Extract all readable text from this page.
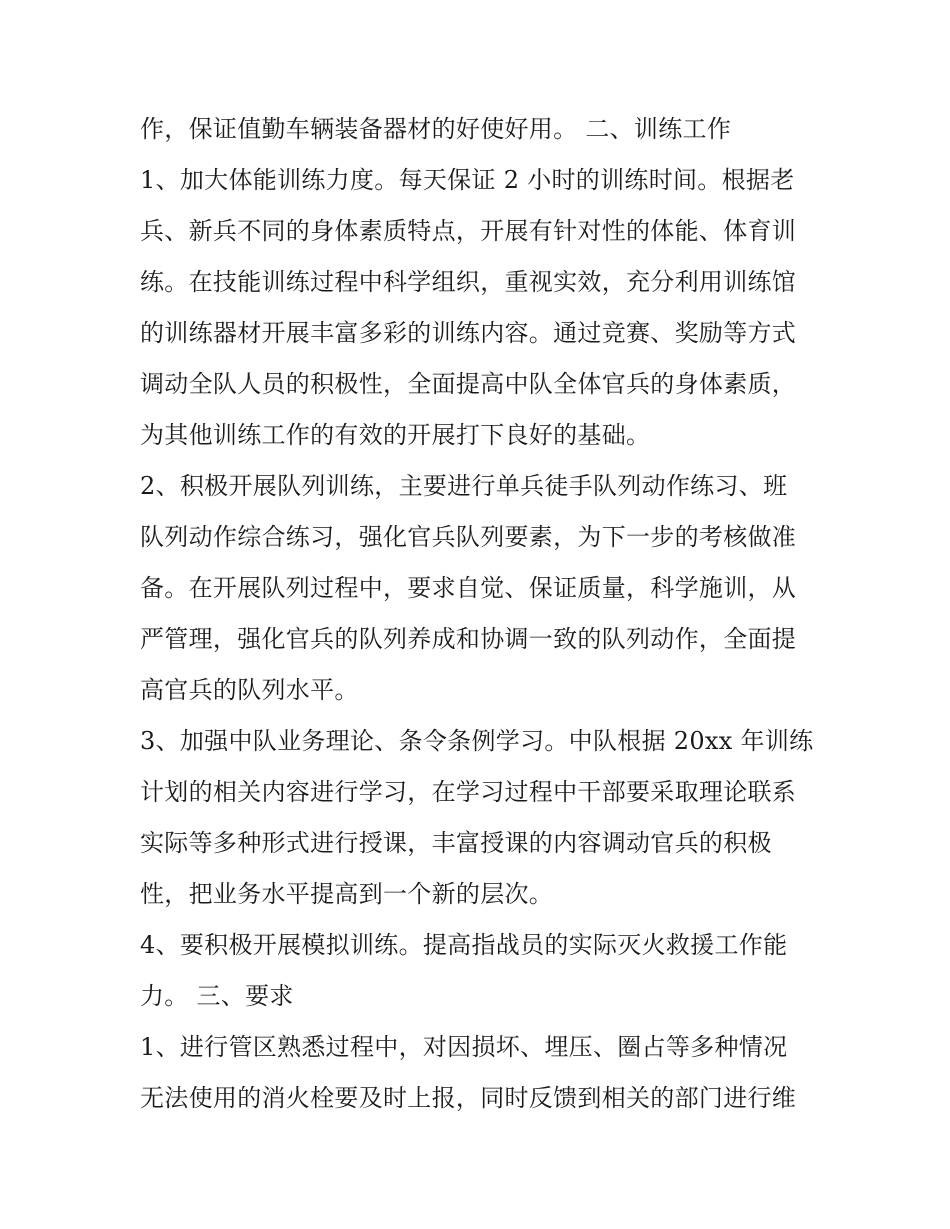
作，保证值勤车辆装备器材的好使好用。 二、训练工作
1、加大体能训练力度。每天保证 2 小时的训练时间。根据老
兵、新兵不同的身体素质特点，开展有针对性的体能、体育训
练。在技能训练过程中科学组织，重视实效，充分利用训练馆
的训练器材开展丰富多彩的训练内容。通过竞赛、奖励等方式
调动全队人员的积极性，全面提高中队全体官兵的身体素质，
为其他训练工作的有效的开展打下良好的基础。
2、积极开展队列训练，主要进行单兵徒手队列动作练习、班
队列动作综合练习，强化官兵队列要素，为下一步的考核做准
备。在开展队列过程中，要求自觉、保证质量，科学施训，从
严管理，强化官兵的队列养成和协调一致的队列动作，全面提
高官兵的队列水平。
3、加强中队业务理论、条令条例学习。中队根据 20xx 年训练
计划的相关内容进行学习，在学习过程中干部要采取理论联系
实际等多种形式进行授课，丰富授课的内容调动官兵的积极
性，把业务水平提高到一个新的层次。
4、要积极开展模拟训练。提高指战员的实际灭火救援工作能
力。 三、要求
1、进行管区熟悉过程中，对因损坏、埋压、圈占等多种情况
无法使用的消火栓要及时上报，同时反馈到相关的部门进行维
